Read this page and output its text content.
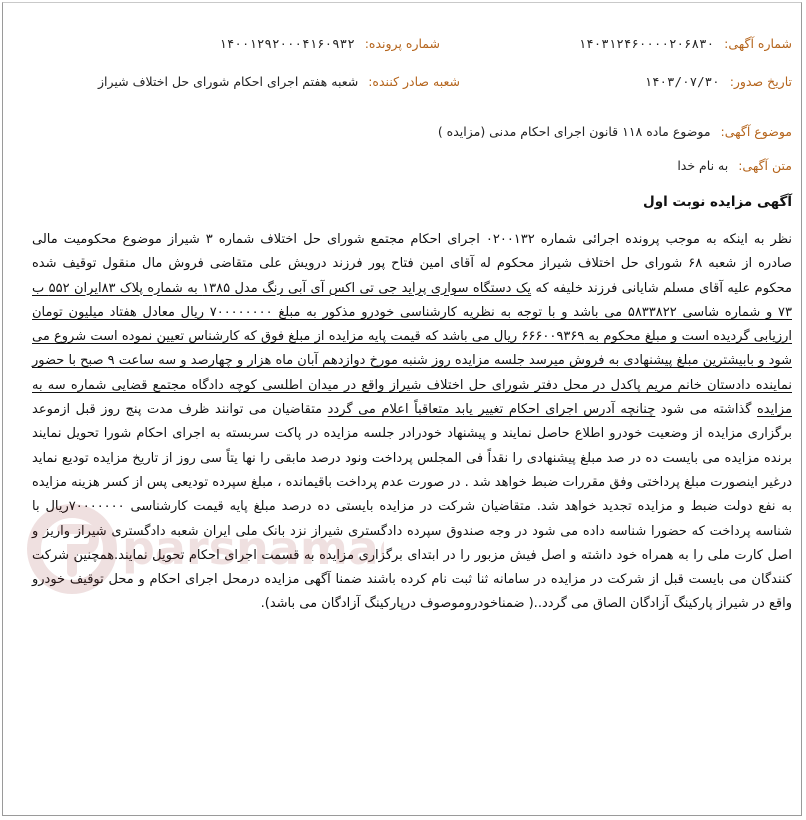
شماره آگهی: ۱۴۰۳۱۲۴۶۰۰۰۰۲۰۶۸۳۰
شماره پرونده: ۱۴۰۰۱۲۹۲۰۰۰۴۱۶۰۹۳۲
تاریخ صدور: ۱۴۰۳/۰۷/۳۰
شعبه صادر کننده: شعبه هفتم اجرای احکام شورای حل اختلاف شیراز
موضوع آگهی: موضوع ماده ۱۱۸ قانون اجرای احکام مدنی (مزایده )
متن آگهی: به نام خدا
آگهی مزایده نوبت اول
نظر به اینکه به موجب پرونده اجرائی شماره ۰۲۰۰۱۳۲ اجرای احکام مجتمع شورای حل اختلاف شماره ۳ شیراز موضوع محکومیت مالی صادره از شعبه ۶۸ شورای حل اختلاف شیراز محکوم له آقای امین فتاح پور فرزند درویش علی متقاضی فروش مال منقول توقیف شده محکوم علیه آقای مسلم شایانی فرزند خلیفه که یک دستگاه سواری پراید جی تی اکس آی آبی رنگ مدل ۱۳۸۵ به شماره پلاک ۸۳ایران ۵۵۲ ب ۷۳ و شماره شاسی ۵۸۳۳۸۲۲ می باشد و با توجه به نظریه کارشناسی خودرو مذکور به مبلغ ۷۰۰۰۰۰۰۰۰ ریال معادل هفتاد میلیون تومان ارزیابی گردیده است و مبلغ محکوم به ۶۶۶۰۰۹۳۶۹ ریال می باشد که قیمت پایه مزایده از مبلغ فوق که کارشناس تعیین نموده است شروع می شود و بابیشترین مبلغ پیشنهادی به فروش میرسد جلسه مزایده روز شنبه مورخ دوازدهم آبان ماه هزار و چهارصد و سه ساعت ۹ صبح با حضور نماینده دادستان خانم مریم پاکدل در محل دفتر شورای حل اختلاف شیراز واقع در میدان اطلسی کوچه دادگاه مجتمع قضایی شماره سه به مزایده گذاشته می شود چنانچه آدرس اجرای احکام تغییر یابد متعاقباً اعلام می گردد متقاضیان می توانند ظرف مدت پنج روز قبل ازموعد برگزاری مزایده از وضعیت خودرو اطلاع حاصل نمایند و پیشنهاد خودرادر جلسه مزایده در پاکت سربسته به اجرای احکام شورا تحویل نمایند برنده مزایده می بایست ده در صد مبلغ پیشنهادی را نقداً فی المجلس پرداخت ونود درصد مابقی را نها یتاً سی روز از تاریخ مزایده تودیع نماید درغیر اینصورت مبلغ پرداختی وفق مقررات ضبط خواهد شد . در صورت عدم پرداخت باقیمانده ، مبلغ سپرده تودیعی پس از کسر هزینه مزایده به نفع دولت ضبط و مزایده تجدید خواهد شد. متقاضیان شرکت در مزایده بایستی ده درصد مبلغ پایه قیمت کارشناسی ۷۰۰۰۰۰۰۰ریال با شناسه پرداخت که حضورا شناسه داده می شود در وجه صندوق سپرده دادگستری شیراز نزد بانک ملی ایران شعبه دادگستری شیراز واریز و اصل کارت ملی را به همراه خود داشته و اصل فیش مزبور را در ابتدای برگزاری مزایده به قسمت اجرای احکام تحویل نمایند.همچنین شرکت کنندگان می بایست قبل از شرکت در مزایده در سامانه ثنا ثبت نام کرده باشند ضمنا آگهی مزایده درمحل اجرای احکام و محل توقیف خودرو واقع در شیراز پارکینگ آزادگان الصاق می گردد..( ضمناخودروموصوف درپارکینگ آزادگان می باشد).
